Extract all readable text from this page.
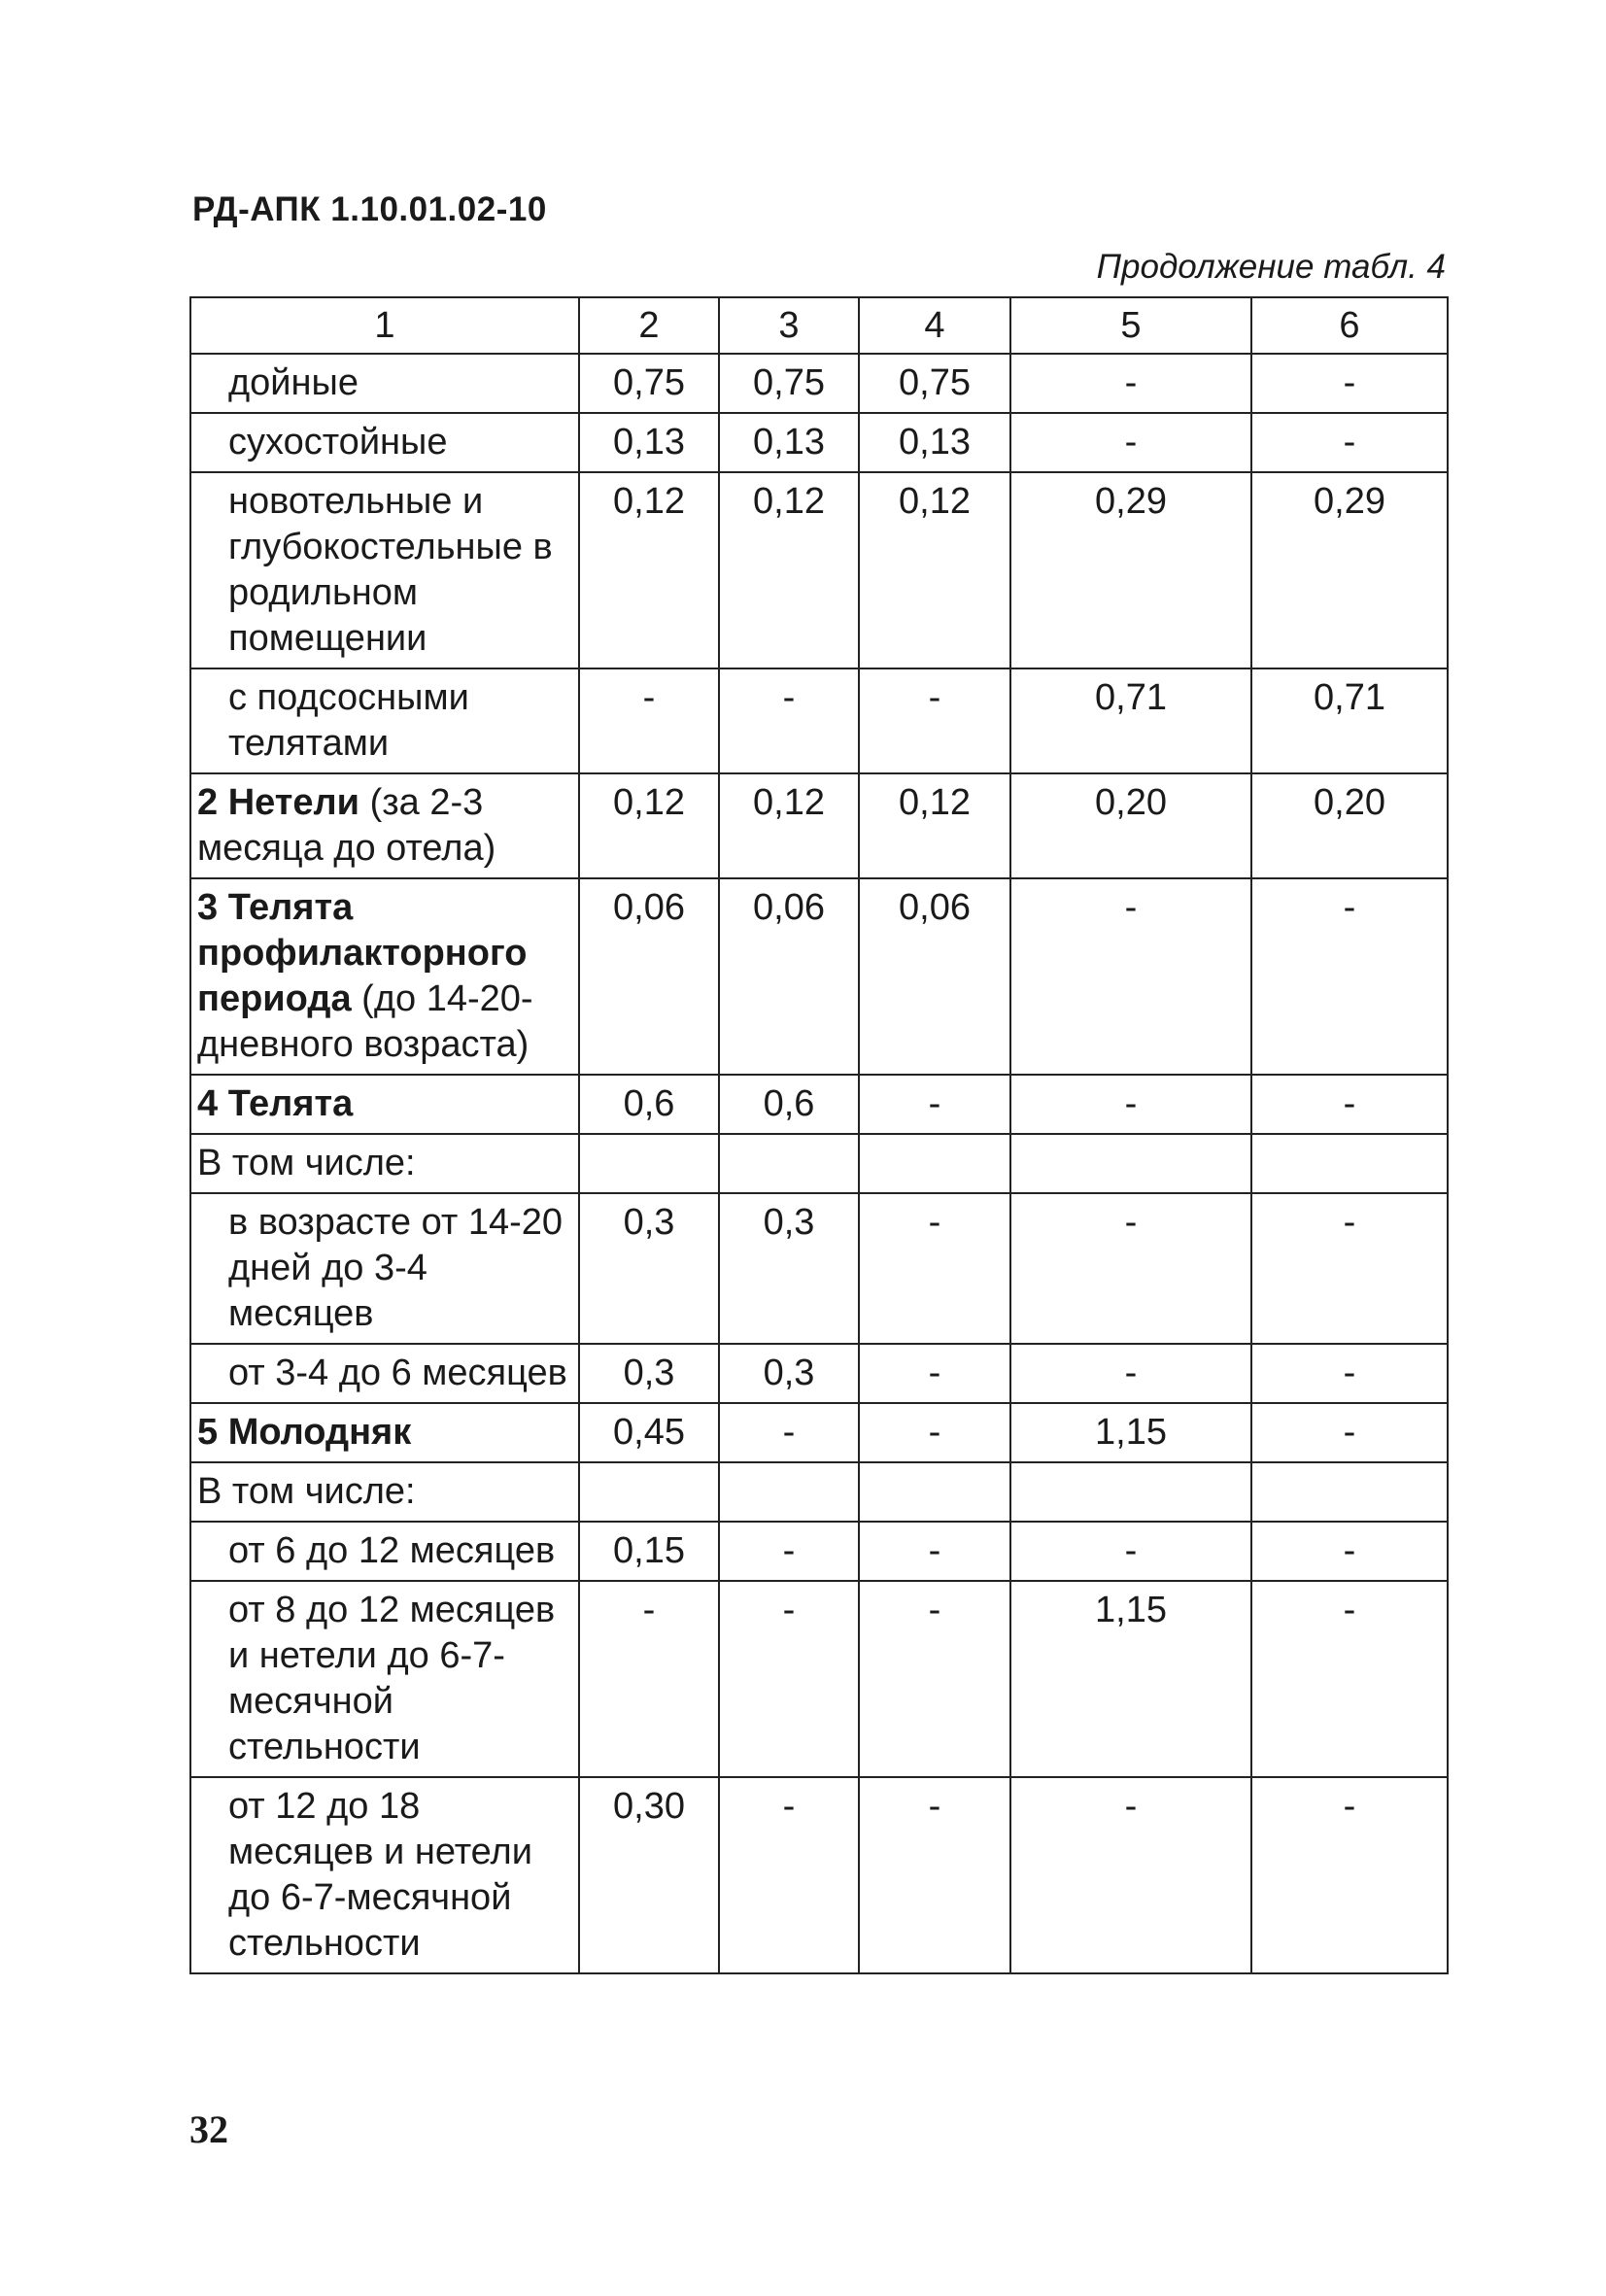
РД-АПК 1.10.01.02-10
Продолжение табл. 4
1	2	3	4	5	6
дойные	0,75	0,75	0,75	-	-
сухостойные	0,13	0,13	0,13	-	-
новотельные и глубокостельные в родильном помещении	0,12	0,12	0,12	0,29	0,29
с подсосными телятами	-	-	-	0,71	0,71
2 Нетели (за 2-3 месяца до отела)	0,12	0,12	0,12	0,20	0,20
3 Телята профилакторного периода (до 14-20-дневного возраста)	0,06	0,06	0,06	-	-
4 Телята	0,6	0,6	-	-	-
В том числе:					
в возрасте от 14-20 дней до 3-4 месяцев	0,3	0,3	-	-	-
от 3-4 до 6 месяцев	0,3	0,3	-	-	-
5 Молодняк	0,45	-	-	1,15	-
В том числе:					
от 6 до 12 месяцев	0,15	-	-	-	-
от 8 до 12 месяцев и нетели до 6-7-месячной стельности	-	-	-	1,15	-
от 12 до 18 месяцев и нетели до 6-7-месячной стельности	0,30	-	-	-	-
32
